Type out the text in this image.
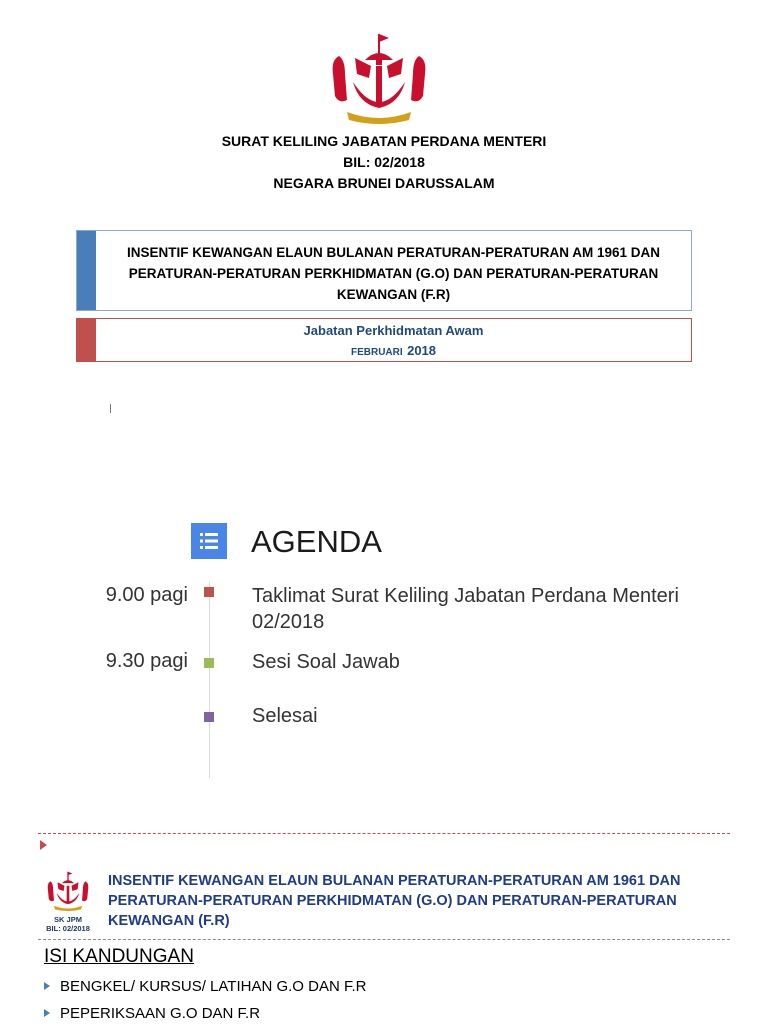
SURAT KELILING JABATAN PERDANA MENTERI
BIL: 02/2018
NEGARA BRUNEI DARUSSALAM
INSENTIF KEWANGAN ELAUN BULANAN PERATURAN-PERATURAN AM 1961 DAN PERATURAN-PERATURAN PERKHIDMATAN (G.O) DAN PERATURAN-PERATURAN KEWANGAN (F.R)
Jabatan Perkhidmatan Awam
FEBRUARI 2018
AGENDA
9.00 pagi	Taklimat Surat Keliling Jabatan Perdana Menteri 02/2018
9.30 pagi	Sesi Soal Jawab
Selesai
SK JPM
BIL: 02/2018
INSENTIF KEWANGAN ELAUN BULANAN PERATURAN-PERATURAN AM 1961 DAN PERATURAN-PERATURAN PERKHIDMATAN (G.O) DAN PERATURAN-PERATURAN KEWANGAN (F.R)
ISI KANDUNGAN
BENGKEL/ KURSUS/ LATIHAN G.O DAN F.R
PEPERIKSAAN G.O DAN F.R
